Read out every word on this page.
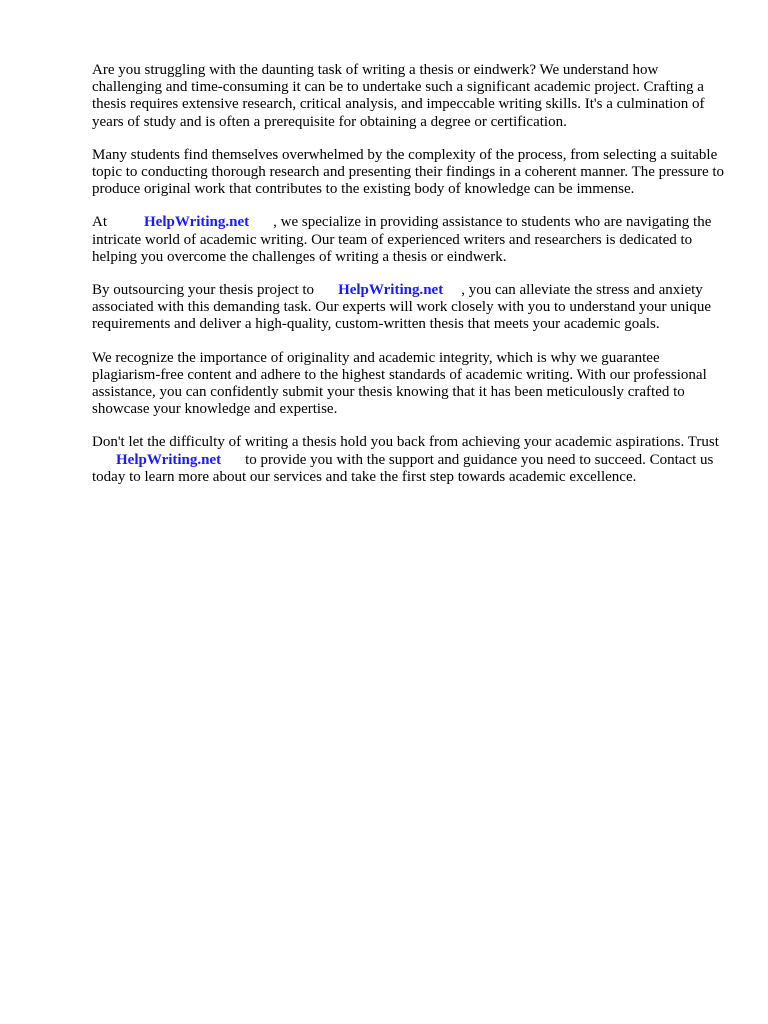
Are you struggling with the daunting task of writing a thesis or eindwerk? We understand how challenging and time-consuming it can be to undertake such a significant academic project. Crafting a thesis requires extensive research, critical analysis, and impeccable writing skills. It's a culmination of years of study and is often a prerequisite for obtaining a degree or certification.

Many students find themselves overwhelmed by the complexity of the process, from selecting a suitable topic to conducting thorough research and presenting their findings in a coherent manner. The pressure to produce original work that contributes to the existing body of knowledge can be immense.

At HelpWriting.net , we specialize in providing assistance to students who are navigating the intricate world of academic writing. Our team of experienced writers and researchers is dedicated to helping you overcome the challenges of writing a thesis or eindwerk.

By outsourcing your thesis project to HelpWriting.net , you can alleviate the stress and anxiety associated with this demanding task. Our experts will work closely with you to understand your unique requirements and deliver a high-quality, custom-written thesis that meets your academic goals.

We recognize the importance of originality and academic integrity, which is why we guarantee plagiarism-free content and adhere to the highest standards of academic writing. With our professional assistance, you can confidently submit your thesis knowing that it has been meticulously crafted to showcase your knowledge and expertise.

Don't let the difficulty of writing a thesis hold you back from achieving your academic aspirations. TrustHelpWriting.net to provide you with the support and guidance you need to succeed. Contact us today to learn more about our services and take the first step towards academic excellence.
